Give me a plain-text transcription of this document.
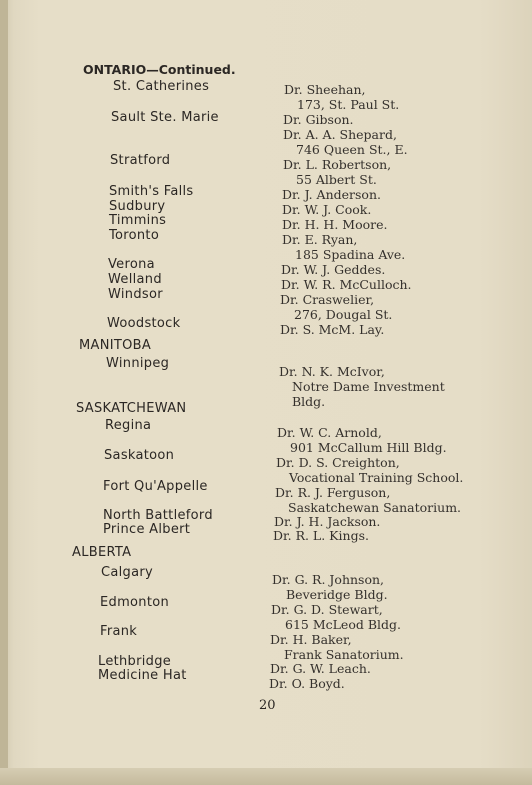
ONTARIO—Continued.
St. Catherines
Sault Ste. Marie
Stratford
Smith's Falls
Sudbury
Timmins
Toronto
Verona
Welland
Windsor
Woodstock
MANITOBA
Winnipeg
SASKATCHEWAN
Regina
Saskatoon
Fort Qu'Appelle
North Battleford
Prince Albert
ALBERTA
Calgary
Edmonton
Frank
Lethbridge
Medicine Hat
Dr. Sheehan,
173, St. Paul St.
Dr. Gibson.
Dr. A. A. Shepard,
746 Queen St., E.
Dr. L. Robertson,
55 Albert St.
Dr. J. Anderson.
Dr. W. J. Cook.
Dr. H. H. Moore.
Dr. E. Ryan,
185 Spadina Ave.
Dr. W. J. Geddes.
Dr. W. R. McCulloch.
Dr. Craswelier,
276, Dougal St.
Dr. S. McM. Lay.
Dr. N. K. McIvor,
Notre Dame Investment
Bldg.
Dr. W. C. Arnold,
901 McCallum Hill Bldg.
Dr. D. S. Creighton,
Vocational Training School.
Dr. R. J. Ferguson,
Saskatchewan Sanatorium.
Dr. J. H. Jackson.
Dr. R. L. Kings.
Dr. G. R. Johnson,
Beveridge Bldg.
Dr. G. D. Stewart,
615 McLeod Bldg.
Dr. H. Baker,
Frank Sanatorium.
Dr. G. W. Leach.
Dr. O. Boyd.
20
